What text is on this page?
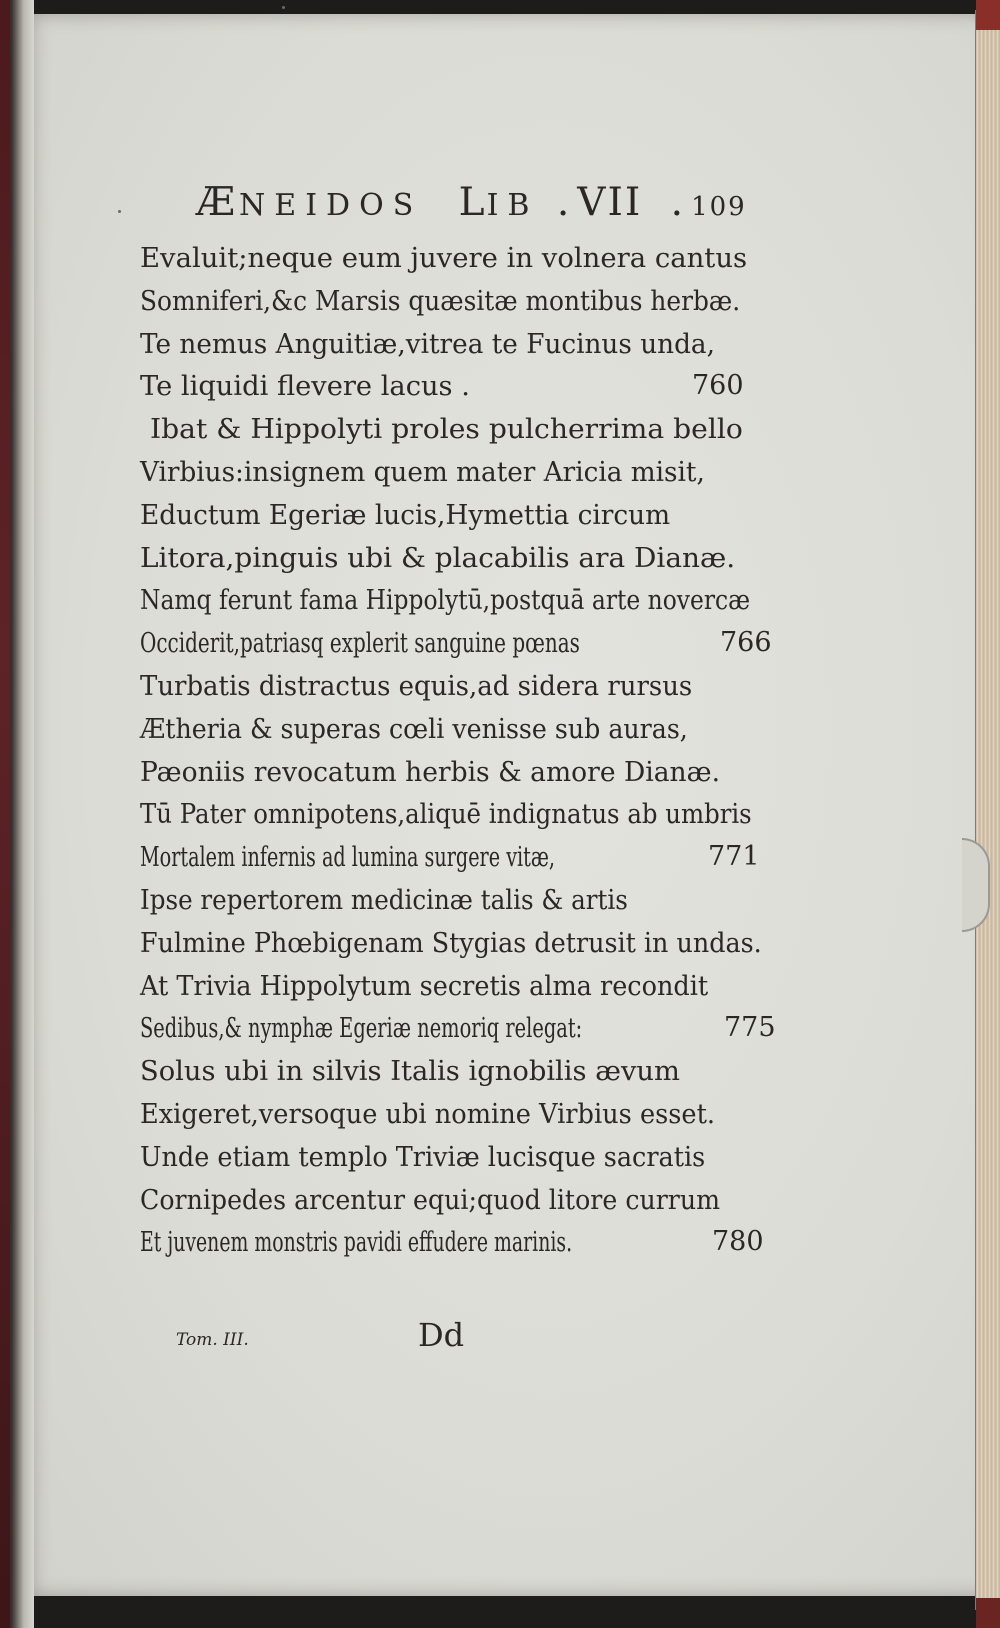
ÆNEIDOS LIB . VII . 109
Evaluit;neque eum juvere in volnera cantus
Somniferi,&c Marsis quæsitæ montibus herbæ.
Te nemus Anguitiæ,vitrea te Fucinus unda,
Te liquidi flevere lacus .	760
Ibat & Hippolyti proles pulcherrima bello
Virbius:insignem quem mater Aricia misit,
Eductum Egeriæ lucis,Hymettia circum
Litora,pinguis ubi & placabilis ara Dianæ.
Namq ferunt fama Hippolytū,postquā arte novercæ
Occiderit,patriasq explerit sanguine pœnas	766
Turbatis distractus equis,ad sidera rursus
Ætheria & superas cœli venisse sub auras,
Pæoniis revocatum herbis & amore Dianæ.
Tū Pater omnipotens,aliquē indignatus ab umbris
Mortalem infernis ad lumina surgere vitæ,	771
Ipse repertorem medicinæ talis & artis
Fulmine Phœbigenam Stygias detrusit in undas.
At Trivia Hippolytum secretis alma recondit
Sedibus,& nymphæ Egeriæ nemoriq relegat:	775
Solus ubi in silvis Italis ignobilis ævum
Exigeret,versoque ubi nomine Virbius esset.
Unde etiam templo Triviæ lucisque sacratis
Cornipedes arcentur equi;quod litore currum
Et juvenem monstris pavidi effudere marinis.	780
Tom. III.	Dd
